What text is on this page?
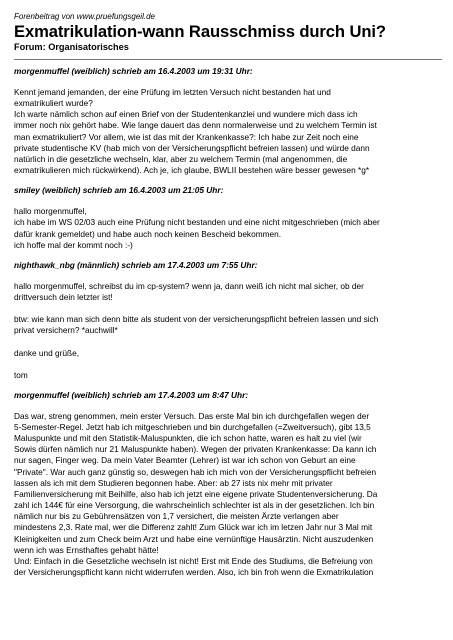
Forenbeitrag von www.pruefungsgeil.de
Exmatrikulation-wann Rausschmiss durch Uni?
Forum: Organisatorisches
morgenmuffel (weiblich) schrieb am 16.4.2003 um 19:31 Uhr:
Kennt jemand jemanden, der eine Prüfung im letzten Versuch nicht bestanden hat und
exmatrikuliert wurde?
Ich warte nämlich schon auf einen Brief von der Studentenkanzlei und wundere mich dass ich
immer noch nix gehört habe. Wie lange dauert das denn normalerweise und zu welchem Termin ist
man exmatrikuliert? Vor allem, wie ist das mit der Krankenkasse?: Ich habe zur Zeit noch eine
private studentische KV (hab mich von der Versicherungspflicht befreien lassen) und würde dann
natürlich in die gesetzliche wechseln, klar, aber zu welchem Termin (mal angenommen, die
exmatrikulieren mich rückwirkend). Ach je, ich glaube, BWLII bestehen wäre besser gewesen *g*
smiley (weiblich) schrieb am 16.4.2003 um 21:05 Uhr:
hallo morgenmuffel,
ich habe im WS 02/03 auch eine Prüfung nicht bestanden und eine nicht mitgeschrieben (mich aber
dafür krank gemeldet) und habe auch noch keinen Bescheid bekommen.
ich hoffe mal der kommt noch :-)
nighthawk_nbg (männlich) schrieb am 17.4.2003 um 7:55 Uhr:
hallo morgenmuffel, schreibst du im cp-system? wenn ja, dann weiß ich nicht mal sicher, ob der
drittversuch dein letzter ist!
btw: wie kann man sich denn bitte als student von der versicherungspflicht befreien lassen und sich
privat versichern? *auchwill*
danke und grüße,
tom
morgenmuffel (weiblich) schrieb am 17.4.2003 um 8:47 Uhr:
Das war, streng genommen, mein erster Versuch. Das erste Mal bin ich durchgefallen wegen der
5-Semester-Regel. Jetzt hab ich mitgeschrieben und bin durchgefallen (=Zweitversuch), gibt 13,5
Maluspunkte und mit den Statistik-Maluspunkten, die ich schon hatte, waren es halt zu viel (wir
Sowis dürfen nämlich nur 21 Maluspunkte haben). Wegen der privaten Krankenkasse: Da kann ich
nur sagen, Finger weg. Da mein Vater Beamter (Lehrer) ist war ich schon von Geburt an eine
"Private". War auch ganz günstig so, deswegen hab ich mich von der Versicherungspflicht befreien
lassen als ich mit dem Studieren begonnen habe. Aber: ab 27 ists nix mehr mit privater
Familienversicherung mit Beihilfe, also hab ich jetzt eine eigene private Studentenversicherung. Da
zahl ich 144€ für eine Versorgung, die wahrscheinlich schlechter ist als in der gesetzlichen. Ich bin
nämlich nur bis zu Gebührensätzen von 1,7 versichert, die meisten Ärzte verlangen aber
mindestens 2,3. Rate mal, wer die Differenz zahlt! Zum Glück war ich im letzen Jahr nur 3 Mal mit
Kleinigkeiten und zum Check beim Arzt und habe eine vernünftige Hausärztin. Nicht auszudenken
wenn ich was Ernsthaftes gehabt hätte!
Und: Einfach in die Gesetzliche wechseln ist nicht! Erst mit Ende des Studiums, die Befreiung von
der Versicherungspflicht kann nicht widerrufen werden. Also, ich bin froh wenn die Exmatrikulation
